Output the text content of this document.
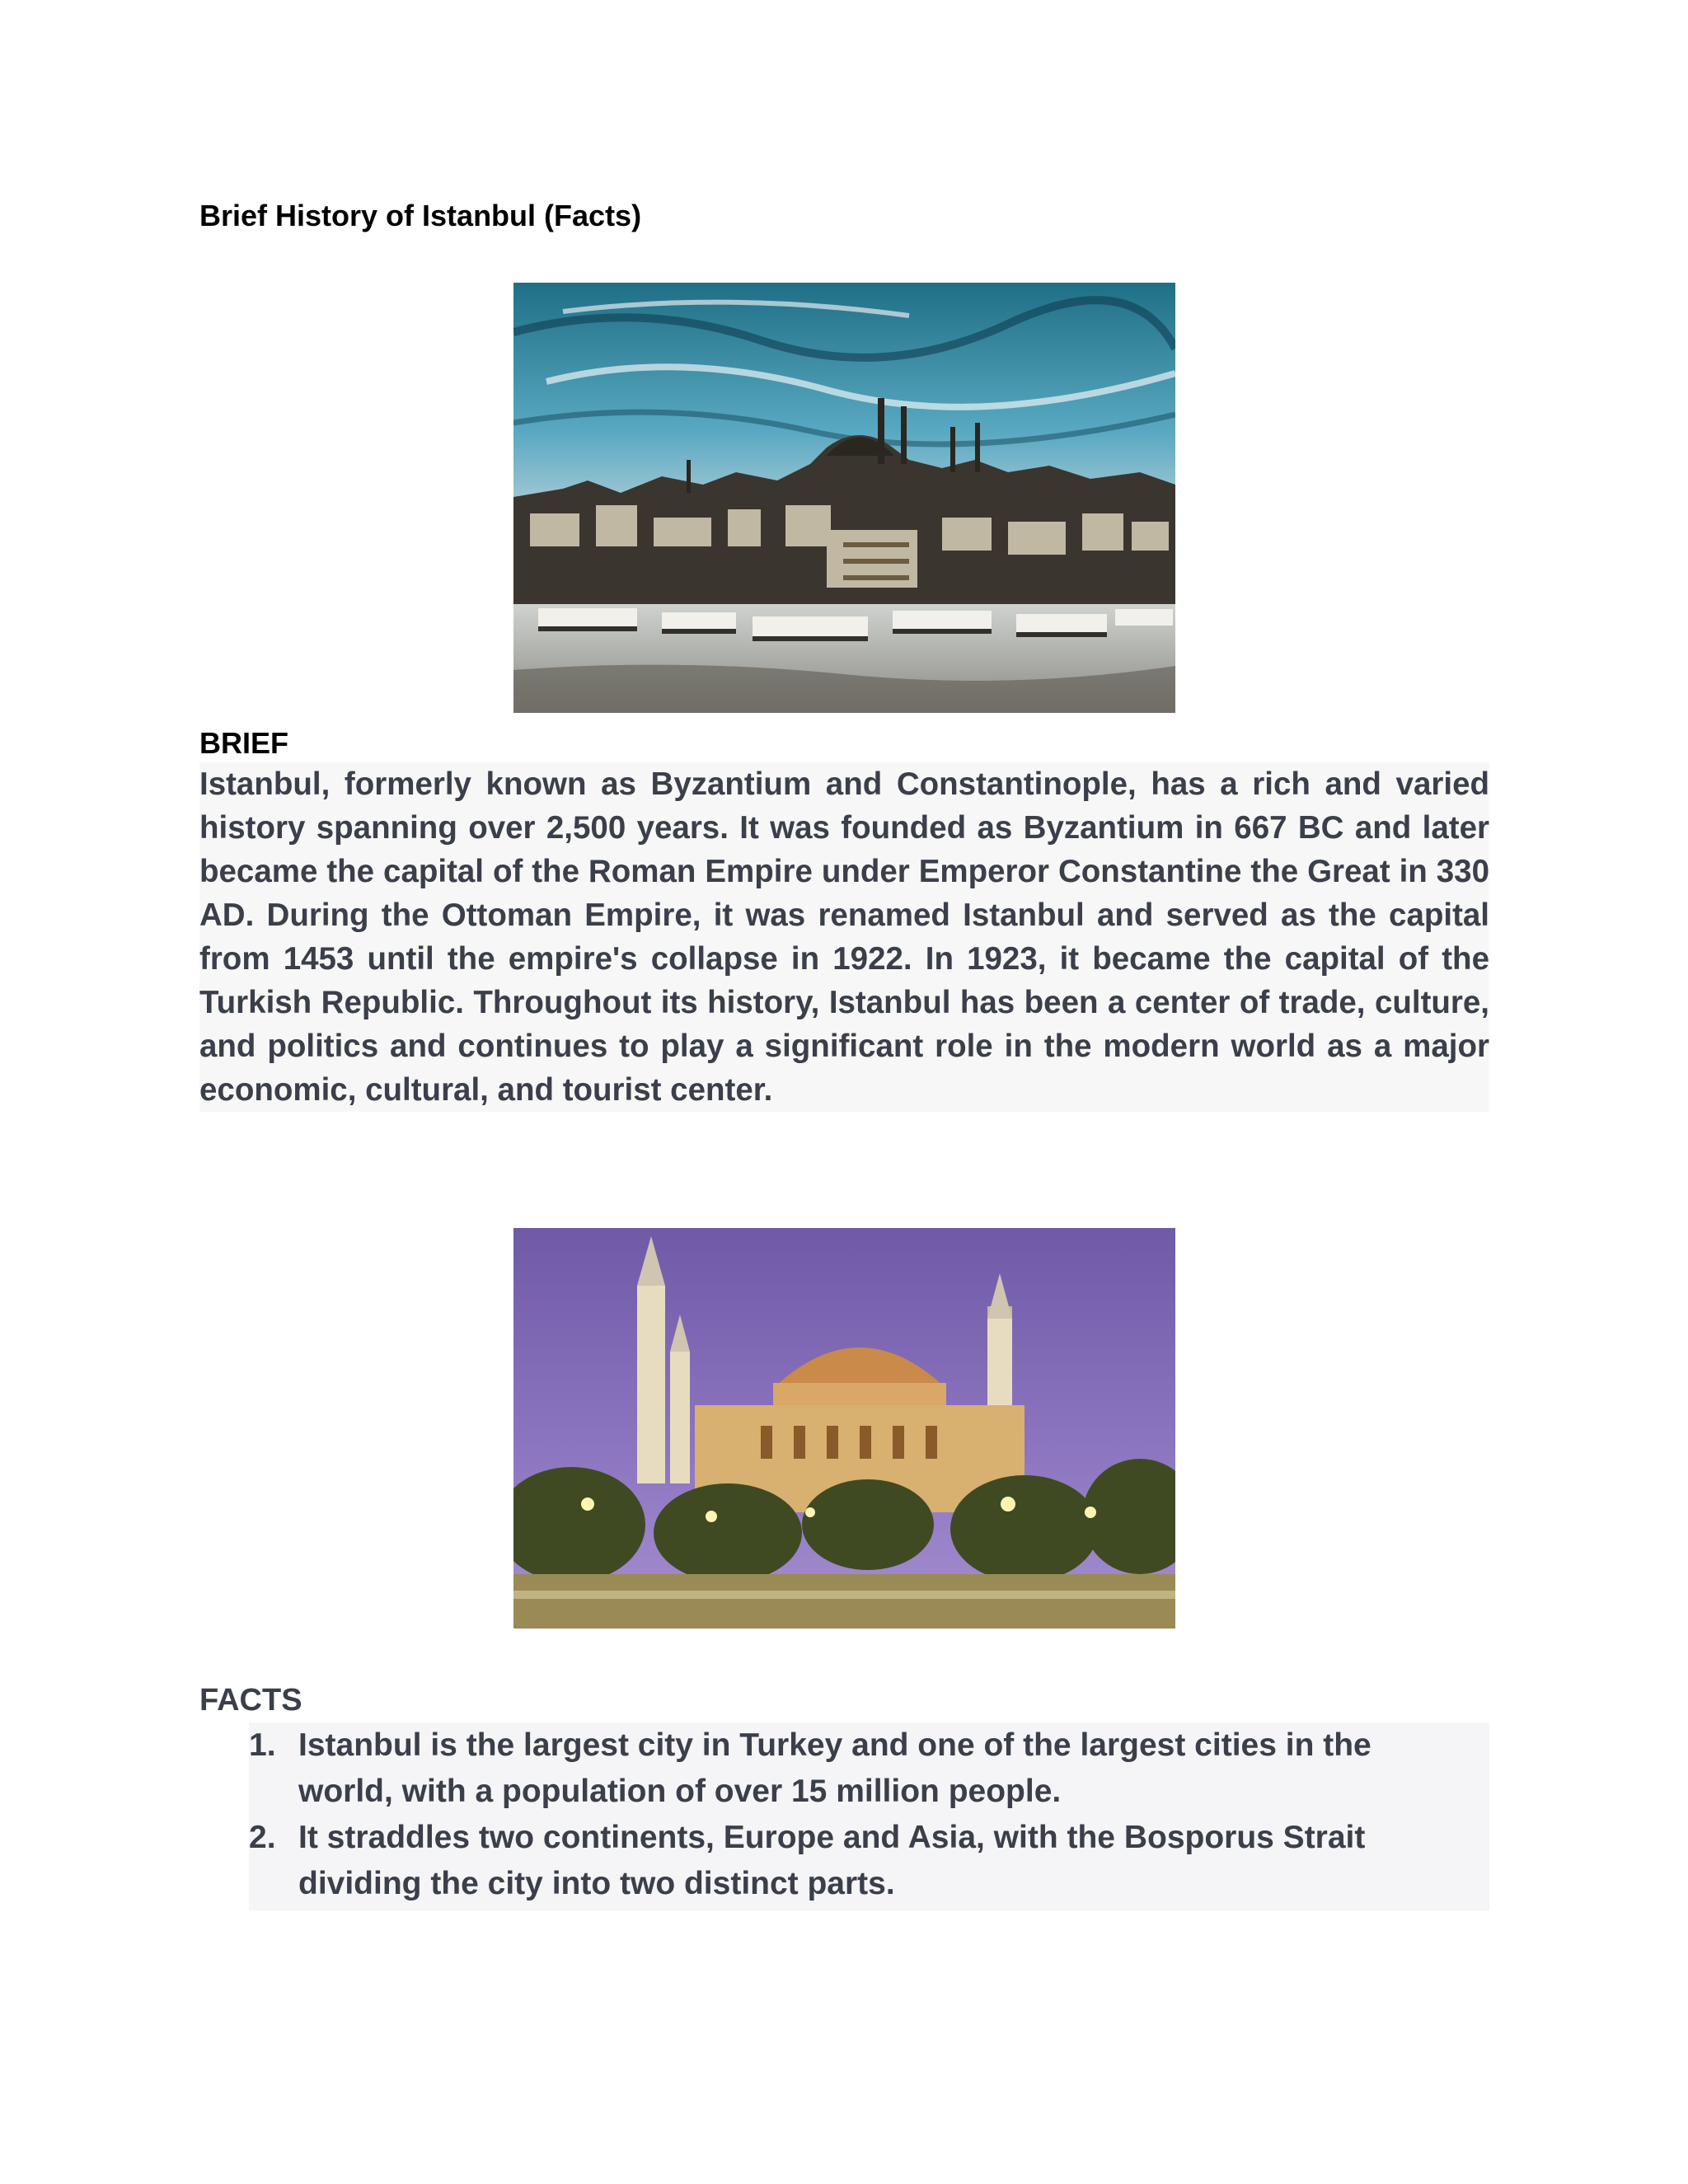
Brief History of Istanbul (Facts)
BRIEF

Istanbul, formerly known as Byzantium and Constantinople, has a rich and varied history spanning over 2,500 years. It was founded as Byzantium in 667 BC and later became the capital of the Roman Empire under Emperor Constantine the Great in 330 AD. During the Ottoman Empire, it was renamed Istanbul and served as the capital from 1453 until the empire's collapse in 1922. In 1923, it became the capital of the Turkish Republic. Throughout its history, Istanbul has been a center of trade, culture, and politics and continues to play a significant role in the modern world as a major economic, cultural, and tourist center.

FACTS
1. Istanbul is the largest city in Turkey and one of the largest cities in the world, with a population of over 15 million people.
2. It straddles two continents, Europe and Asia, with the Bosporus Strait dividing the city into two distinct parts.
